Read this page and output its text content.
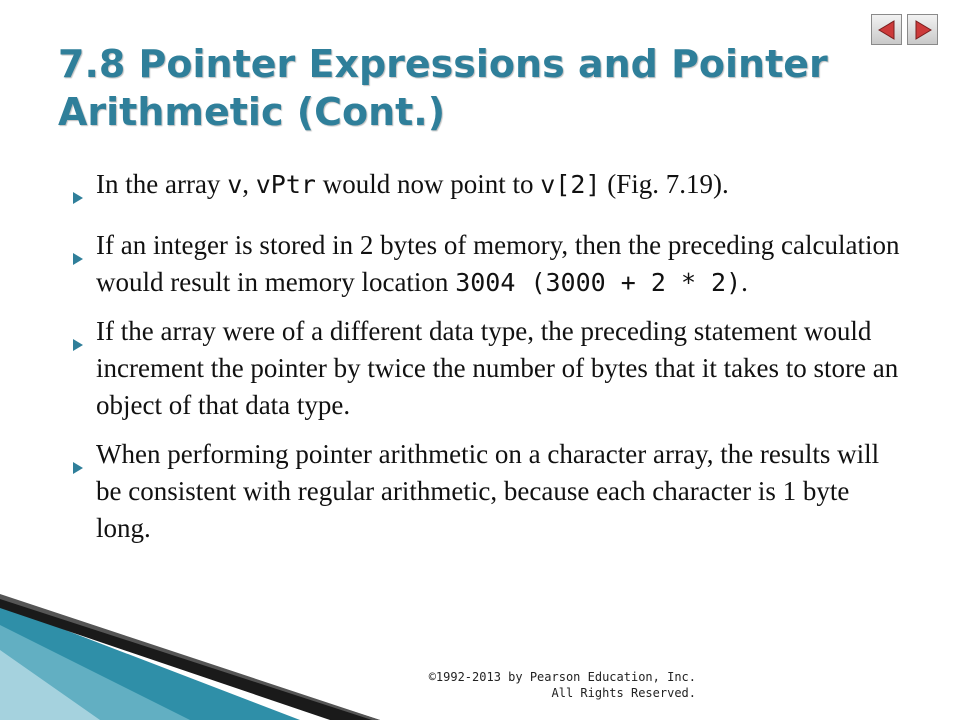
7.8 Pointer Expressions and Pointer
Arithmetic (Cont.)
In the array v, vPtr would now point to v[2] (Fig. 7.19).
If an integer is stored in 2 bytes of memory, then the preceding calculation would result in memory location 3004 (3000 + 2 * 2).
If the array were of a different data type, the preceding statement would increment the pointer by twice the number of bytes that it takes to store an object of that data type.
When performing pointer arithmetic on a character array, the results will be consistent with regular arithmetic, because each character is 1 byte long.
©1992-2013 by Pearson Education, Inc.
All Rights Reserved.
